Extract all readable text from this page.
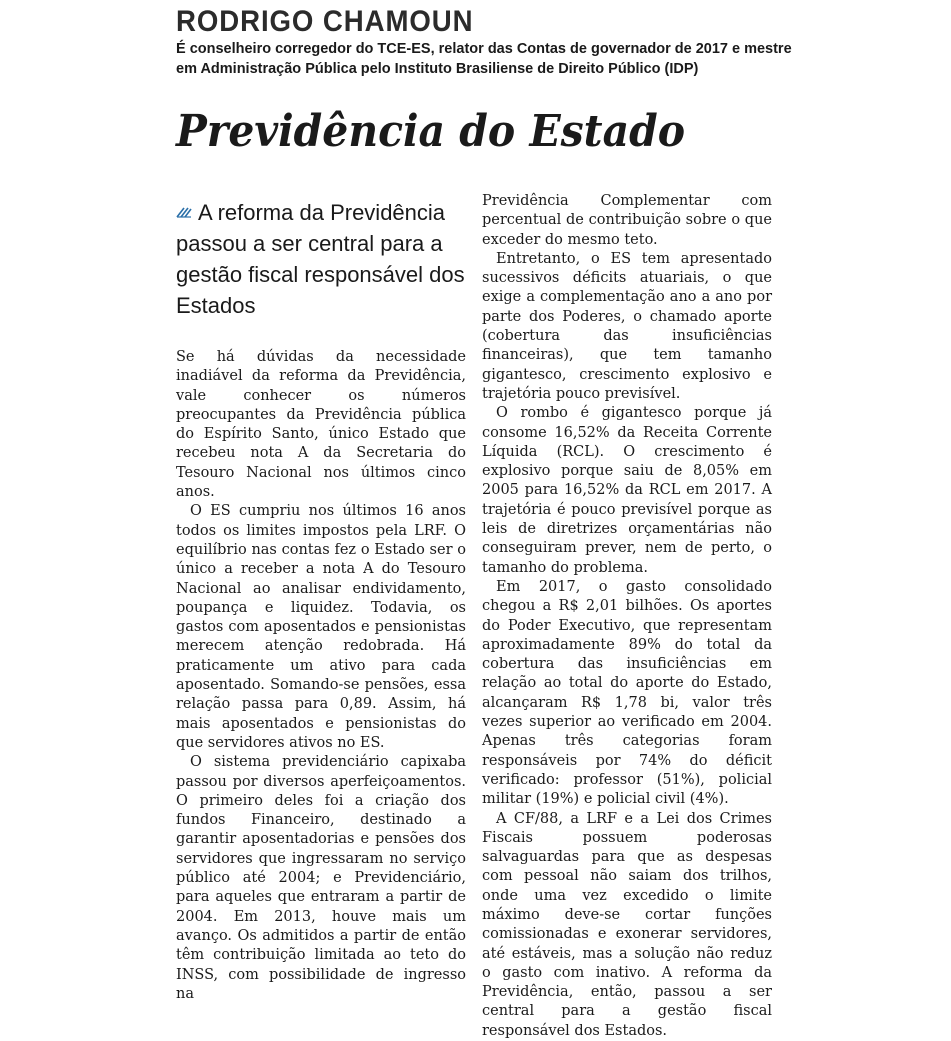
RODRIGO CHAMOUN

É conselheiro corregedor do TCE-ES, relator das Contas de governador de 2017 e mestre em Administração Pública pelo Instituto Brasiliense de Direito Público (IDP)

Previdência do Estado
A reforma da Previdência passou a ser central para a gestão fiscal responsável dos Estados

Se há dúvidas da necessidade inadiável da reforma da Previdência, vale conhecer os números preocupantes da Previdência pública do Espírito Santo, único Estado que recebeu nota A da Secretaria do Tesouro Nacional nos últimos cinco anos.

O ES cumpriu nos últimos 16 anos todos os limites impostos pela LRF. O equilíbrio nas contas fez o Estado ser o único a receber a nota A do Tesouro Nacional ao analisar endividamento, poupança e liquidez. Todavia, os gastos com aposentados e pensionistas merecem atenção redobrada. Há praticamente um ativo para cada aposentado. Somando-se pensões, essa relação passa para 0,89. Assim, há mais aposentados e pensionistas do que servidores ativos no ES.

O sistema previdenciário capixaba passou por diversos aperfeiçoamentos. O primeiro deles foi a criação dos fundos Financeiro, destinado a garantir aposentadorias e pensões dos servidores que ingressaram no serviço público até 2004; e Previdenciário, para aqueles que entraram a partir de 2004. Em 2013, houve mais um avanço. Os admitidos a partir de então têm contribuição limitada ao teto do INSS, com possibilidade de ingresso na

Previdência Complementar com percentual de contribuição sobre o que exceder do mesmo teto.

Entretanto, o ES tem apresentado sucessivos déficits atuariais, o que exige a complementação ano a ano por parte dos Poderes, o chamado aporte (cobertura das insuficiências financeiras), que tem tamanho gigantesco, crescimento explosivo e trajetória pouco previsível.

O rombo é gigantesco porque já consome 16,52% da Receita Corrente Líquida (RCL). O crescimento é explosivo porque saiu de 8,05% em 2005 para 16,52% da RCL em 2017. A trajetória é pouco previsível porque as leis de diretrizes orçamentárias não conseguiram prever, nem de perto, o tamanho do problema.

Em 2017, o gasto consolidado chegou a R$ 2,01 bilhões. Os aportes do Poder Executivo, que representam aproximadamente 89% do total da cobertura das insuficiências em relação ao total do aporte do Estado, alcançaram R$ 1,78 bi, valor três vezes superior ao verificado em 2004. Apenas três categorias foram responsáveis por 74% do déficit verificado: professor (51%), policial militar (19%) e policial civil (4%).

A CF/88, a LRF e a Lei dos Crimes Fiscais possuem poderosas salvaguardas para que as despesas com pessoal não saiam dos trilhos, onde uma vez excedido o limite máximo deve-se cortar funções comissionadas e exonerar servidores, até estáveis, mas a solução não reduz o gasto com inativo. A reforma da Previdência, então, passou a ser central para a gestão fiscal responsável dos Estados.
